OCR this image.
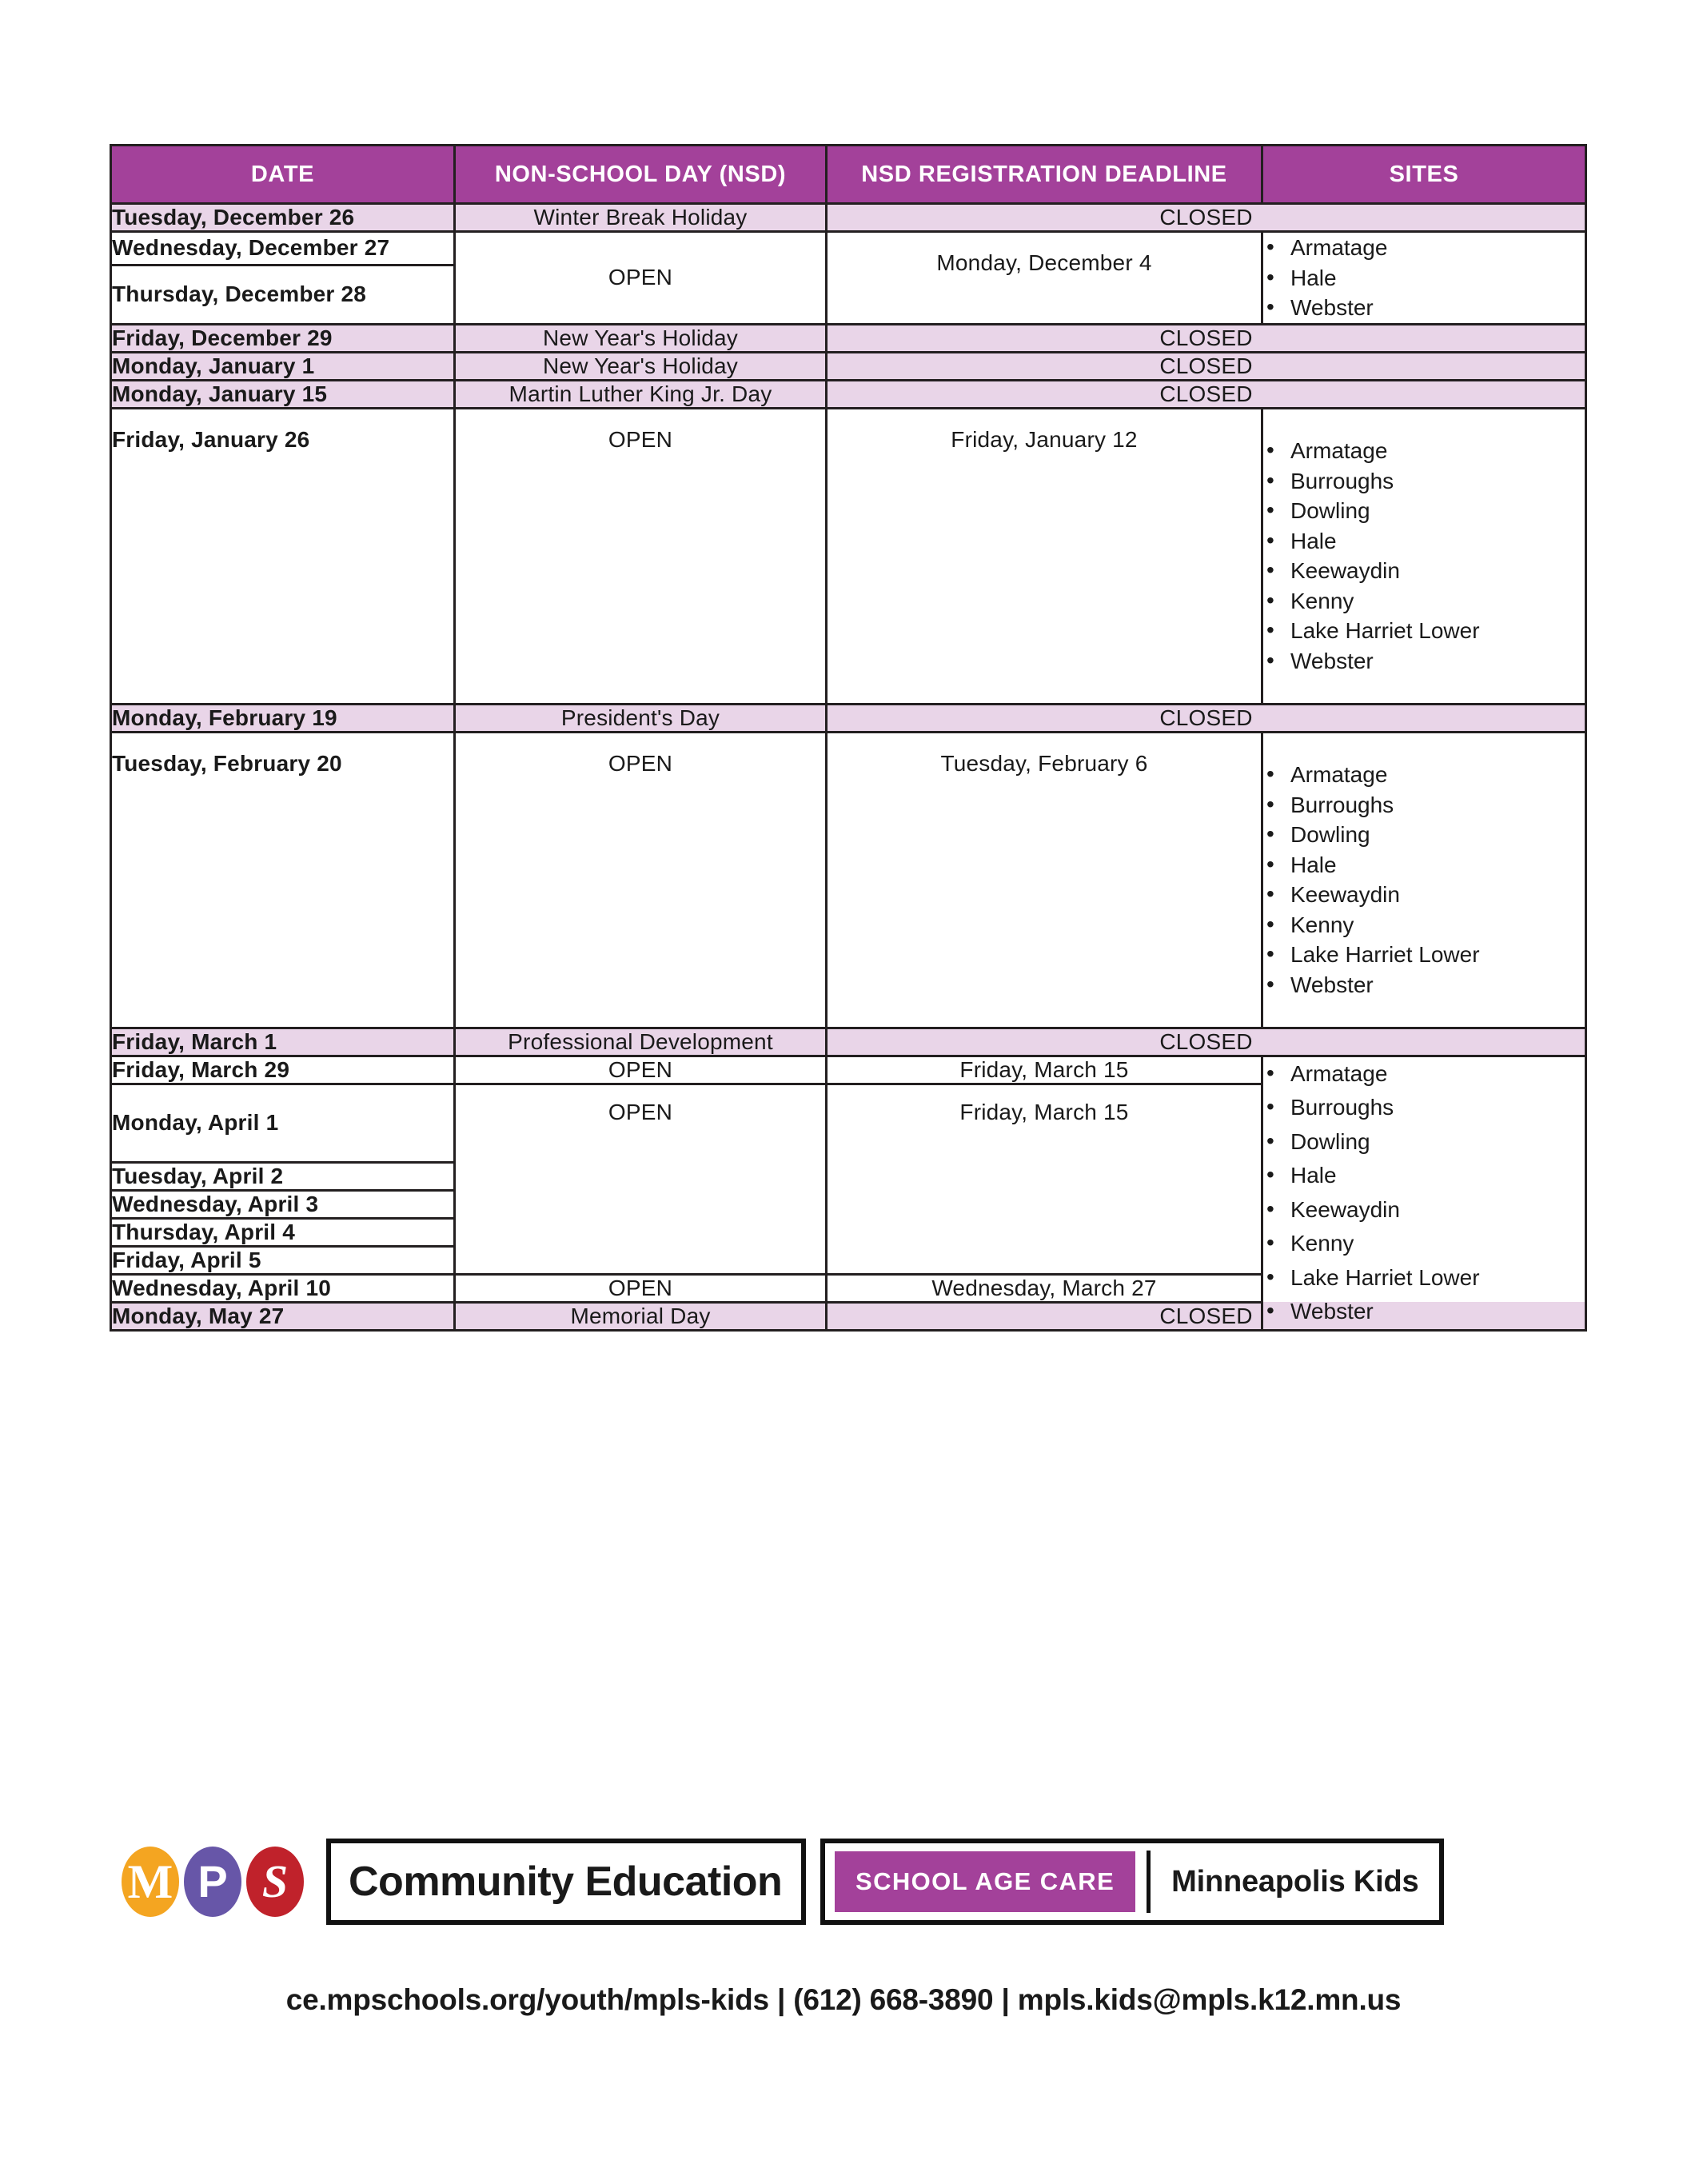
DATE	NON-SCHOOL DAY (NSD)	NSD REGISTRATION DEADLINE	SITES
Tuesday, December 26	Winter Break Holiday	CLOSED	
Wednesday, December 27	OPEN	Monday, December 4	
• Armatage
• Hale
• Webster

Thursday, December 28			
Friday, December 29	New Year's Holiday	CLOSED	
Monday, January 1	New Year's Holiday	CLOSED	
Monday, January 15	Martin Luther King Jr. Day	CLOSED	
Friday, January 26	OPEN	Friday, January 12	
•Armatage
• Burroughs
• Dowling
• Hale
• Keewaydin
• Kenny
• Lake Harriet Lower
• Webster

Monday, February 19	President's Day	CLOSED	
Tuesday, February 20	OPEN	Tuesday, February 6	
•Armatage
• Burroughs
• Dowling
• Hale
• Keewaydin
• Kenny
• Lake Harriet Lower
• Webster

Friday, March 1	Professional Development	CLOSED	
Friday, March 29	OPEN	Friday, March 15	
•Armatage
• Burroughs
• Dowling
• Hale
• Keewaydin
• Kenny
• Lake Harriet Lower
• Webster

Monday, April 1	OPEN	Friday, March 15	
Tuesday, April 2			
Wednesday, April 3			
Thursday, April 4			
Friday, April 5			
Wednesday, April 10	OPEN	Wednesday, March 27	
Monday, May 27	Memorial Day	CLOSED	
M P S	Community Education	SCHOOL AGE CARE	Minneapolis Kids
ce.mpschools.org/youth/mpls-kids | (612) 668-3890 | mpls.kids@mpls.k12.mn.us
